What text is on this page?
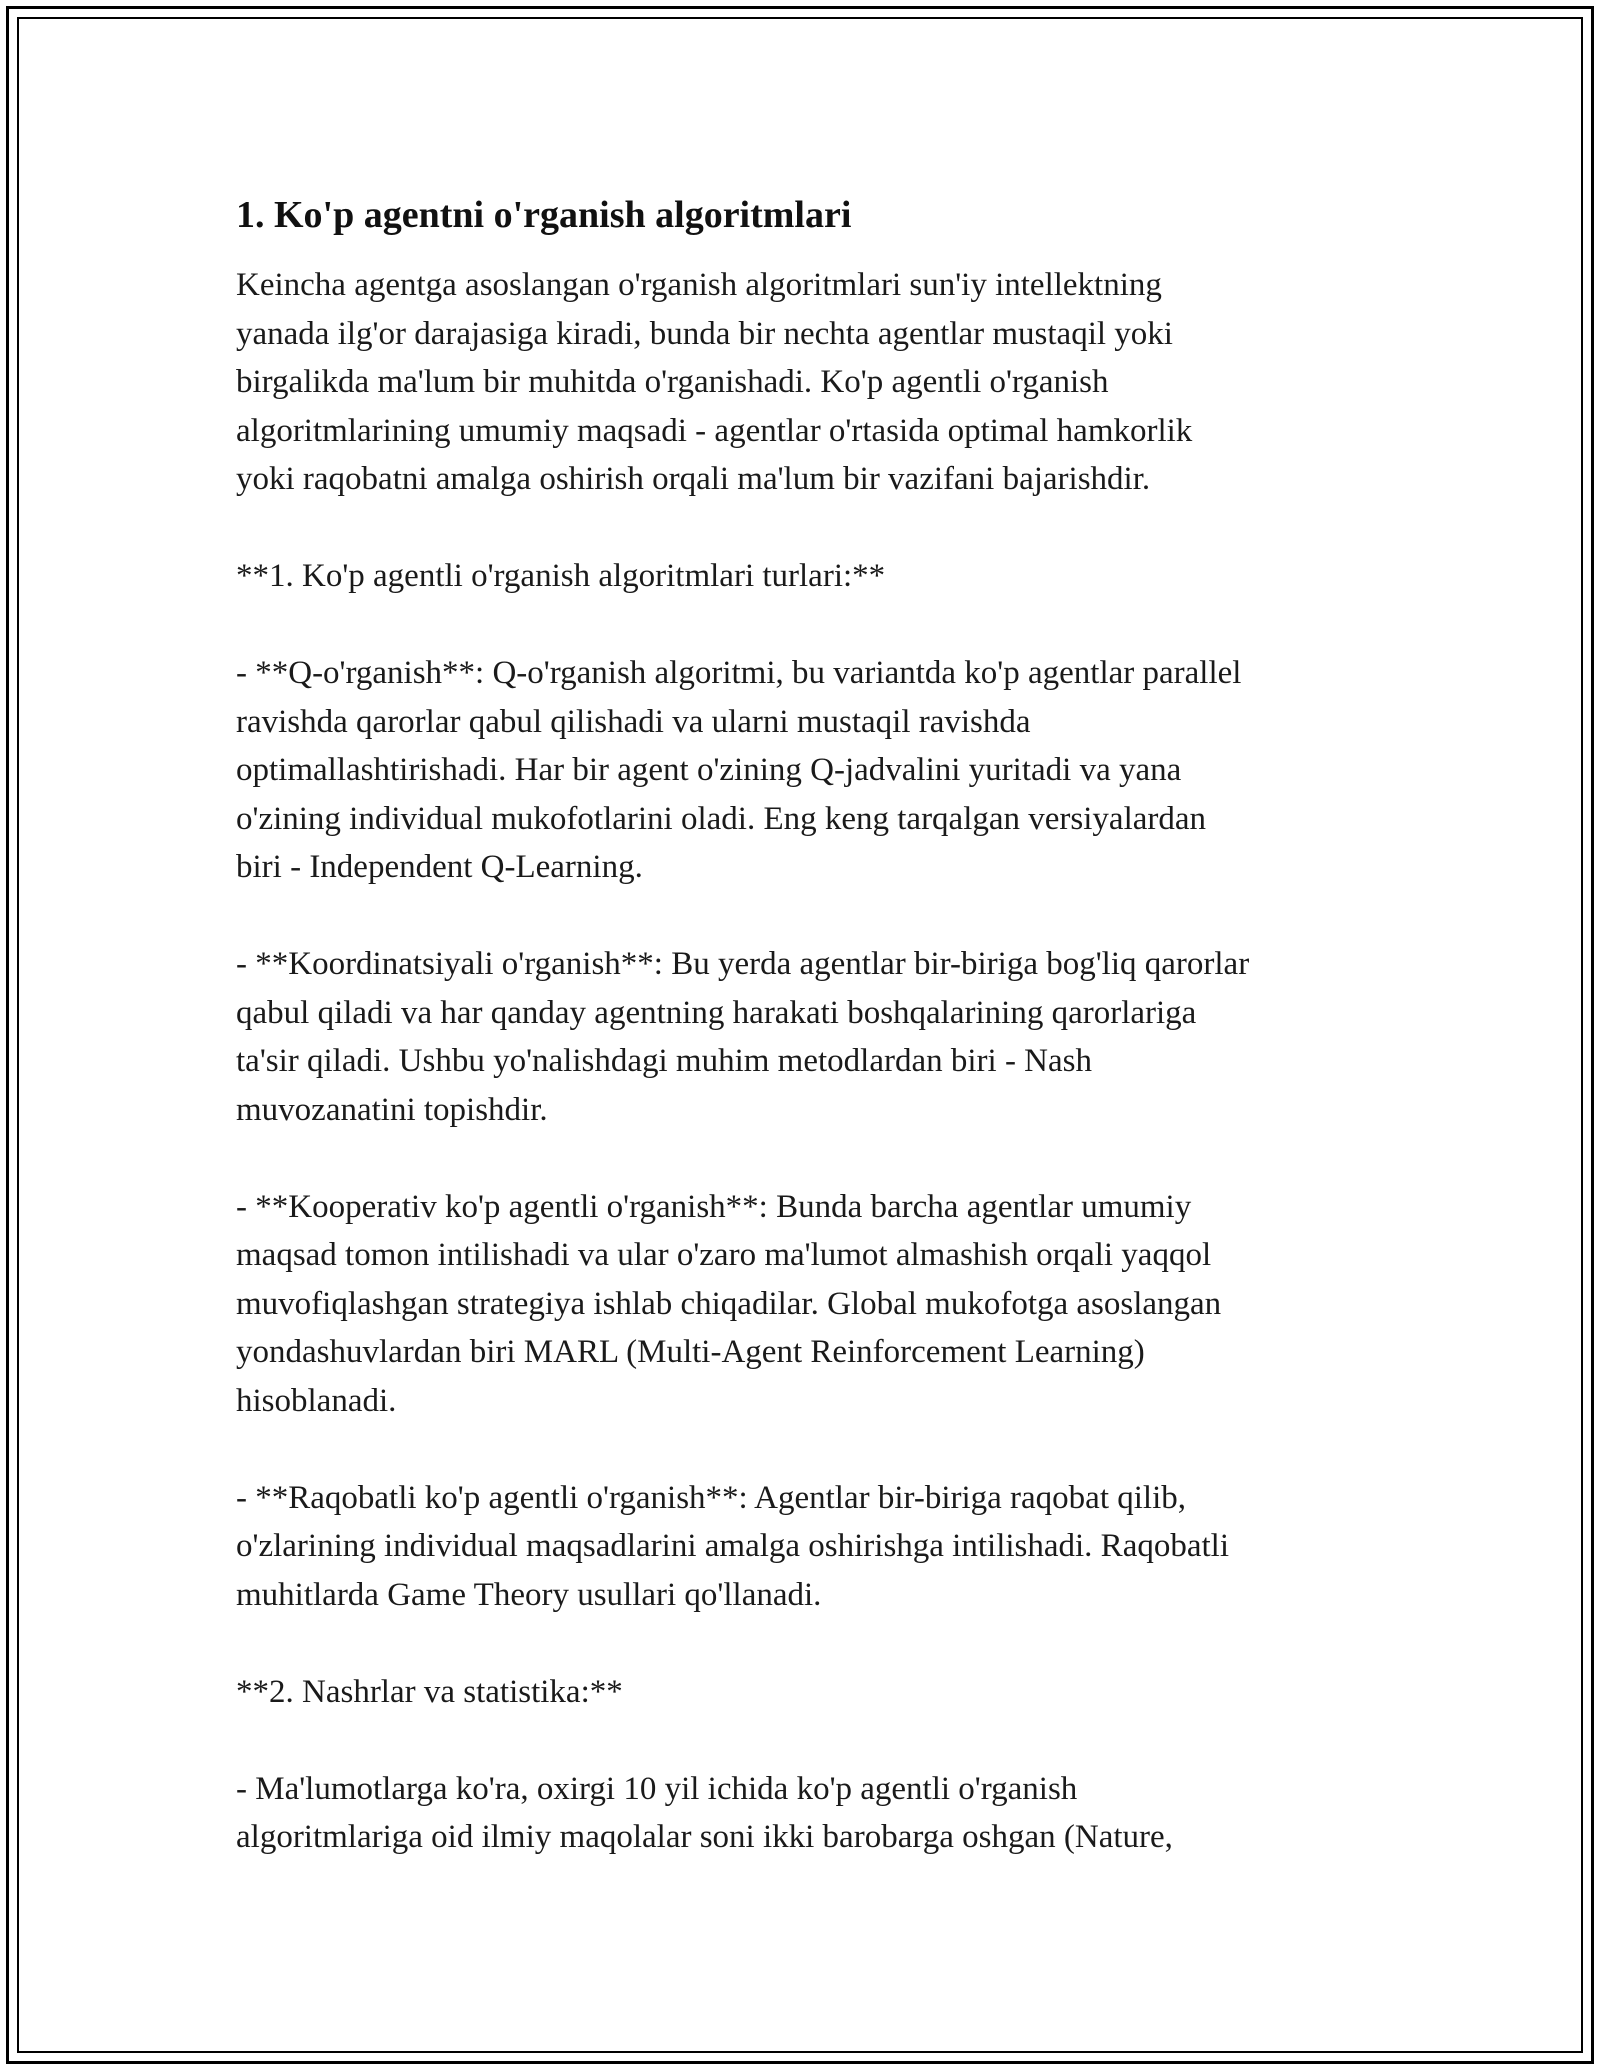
1. Ko'p agentni o'rganish algoritmlari
Keincha agentga asoslangan o'rganish algoritmlari sun'iy intellektning
yanada ilg'or darajasiga kiradi, bunda bir nechta agentlar mustaqil yoki
birgalikda ma'lum bir muhitda o'rganishadi. Ko'p agentli o'rganish
algoritmlarining umumiy maqsadi - agentlar o'rtasida optimal hamkorlik
yoki raqobatni amalga oshirish orqali ma'lum bir vazifani bajarishdir.
**1. Ko'p agentli o'rganish algoritmlari turlari:**
- **Q-o'rganish**: Q-o'rganish algoritmi, bu variantda ko'p agentlar parallel
ravishda qarorlar qabul qilishadi va ularni mustaqil ravishda
optimallashtirishadi. Har bir agent o'zining Q-jadvalini yuritadi va yana
o'zining individual mukofotlarini oladi. Eng keng tarqalgan versiyalardan
biri - Independent Q-Learning.
- **Koordinatsiyali o'rganish**: Bu yerda agentlar bir-biriga bog'liq qarorlar
qabul qiladi va har qanday agentning harakati boshqalarining qarorlariga
ta'sir qiladi. Ushbu yo'nalishdagi muhim metodlardan biri - Nash
muvozanatini topishdir.
- **Kooperativ ko'p agentli o'rganish**: Bunda barcha agentlar umumiy
maqsad tomon intilishadi va ular o'zaro ma'lumot almashish orqali yaqqol
muvofiqlashgan strategiya ishlab chiqadilar. Global mukofotga asoslangan
yondashuvlardan biri MARL (Multi-Agent Reinforcement Learning)
hisoblanadi.
- **Raqobatli ko'p agentli o'rganish**: Agentlar bir-biriga raqobat qilib,
o'zlarining individual maqsadlarini amalga oshirishga intilishadi. Raqobatli
muhitlarda Game Theory usullari qo'llanadi.
**2. Nashrlar va statistika:**
- Ma'lumotlarga ko'ra, oxirgi 10 yil ichida ko'p agentli o'rganish
algoritmlariga oid ilmiy maqolalar soni ikki barobarga oshgan (Nature,
